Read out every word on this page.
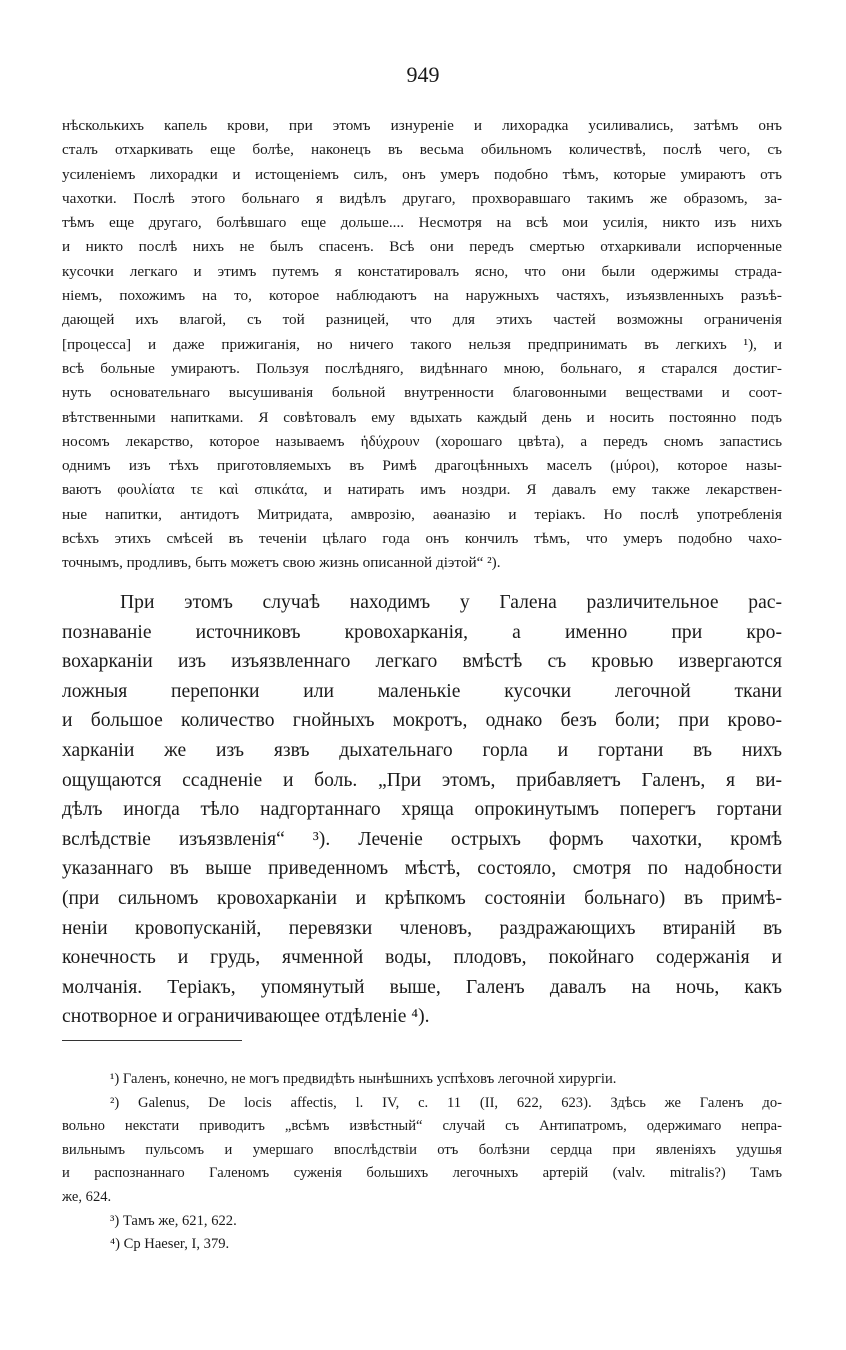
949
нѣсколькихъ капель крови, при этомъ изнуреніе и лихорадка усиливались, затѣмъ онъ
сталъ отхаркивать еще болѣе, наконецъ въ весьма обильномъ количествѣ, послѣ чего, съ
усиленіемъ лихорадки и истощеніемъ силъ, онъ умеръ подобно тѣмъ, которые умираютъ отъ
чахотки. Послѣ этого больнаго я видѣлъ другаго, прохворавшаго такимъ же образомъ, за-
тѣмъ еще другаго, болѣвшаго еще дольше.... Несмотря на всѣ мои усилія, никто изъ нихъ
и никто послѣ нихъ не былъ спасенъ. Всѣ они передъ смертью отхаркивали испорченные
кусочки легкаго и этимъ путемъ я констатировалъ ясно, что они были одержимы страда-
ніемъ, похожимъ на то, которое наблюдаютъ на наружныхъ частяхъ, изъязвленныхъ разъѣ-
дающей ихъ влагой, съ той разницей, что для этихъ частей возможны ограниченія
[процесса] и даже прижиганія, но ничего такого нельзя предпринимать въ легкихъ ¹), и
всѣ больные умираютъ. Пользуя послѣдняго, видѣннаго мною, больнаго, я старался достиг-
нуть основательнаго высушиванія больной внутренности благовонными веществами и соот-
вѣтственными напитками. Я совѣтовалъ ему вдыхать каждый день и носить постоянно подъ
носомъ лекарство, которое называемъ ἡδύχρουν (хорошаго цвѣта), а передъ сномъ запастись
однимъ изъ тѣхъ приготовляемыхъ въ Римѣ драгоцѣнныхъ маселъ (μύροι), которое назы-
ваютъ φουλίατα τε καὶ σπικάτα, и натирать имъ ноздри. Я давалъ ему также лекарствен-
ные напитки, антидотъ Митридата, амврозію, аѳаназію и теріакъ. Но послѣ употребленія
всѣхъ этихъ смѣсей въ теченіи цѣлаго года онъ кончилъ тѣмъ, что умеръ подобно чахо-
точнымъ, продливъ, быть можетъ свою жизнь описанной діэтой“ ²).
При этомъ случаѣ находимъ у Галена различительное рас-
познаваніе источниковъ кровохарканія, а именно при кро-
вохарканіи изъ изъязвленнаго легкаго вмѣстѣ съ кровью извергаются
ложныя перепонки или маленькіе кусочки легочной ткани
и большое количество гнойныхъ мокротъ, однако безъ боли; при крово-
харканіи же изъ язвъ дыхательнаго горла и гортани въ нихъ
ощущаются ссадненіе и боль. „При этомъ, прибавляетъ Галенъ, я ви-
дѣлъ иногда тѣло надгортаннаго хряща опрокинутымъ поперегъ гортани
вслѣдствіе изъязвленія“ ³). Леченіе острыхъ формъ чахотки, кромѣ
указаннаго въ выше приведенномъ мѣстѣ, состояло, смотря по надобности
(при сильномъ кровохарканіи и крѣпкомъ состояніи больнаго) въ примѣ-
неніи кровопусканій, перевязки членовъ, раздражающихъ втираній въ
конечность и грудь, ячменной воды, плодовъ, покойнаго содержанія и
молчанія. Теріакъ, упомянутый выше, Галенъ давалъ на ночь, какъ
снотворное и ограничивающее отдѣленіе ⁴).
¹) Галенъ, конечно, не могъ предвидѣть нынѣшнихъ успѣховъ легочной хирургіи.
²) Galenus, De locis affectis, l. IV, c. 11 (II, 622, 623). Здѣсь же Галенъ до-
вольно некстати приводитъ „всѣмъ извѣстный“ случай съ Антипатромъ, одержимаго непра-
вильнымъ пульсомъ и умершаго впослѣдствіи отъ болѣзни сердца при явленіяхъ удушья
и распознаннаго Галеномъ суженія большихъ легочныхъ артерій (valv. mitralis?) Тамъ
же, 624.
³) Тамъ же, 621, 622.
⁴) Ср Haeser, I, 379.
